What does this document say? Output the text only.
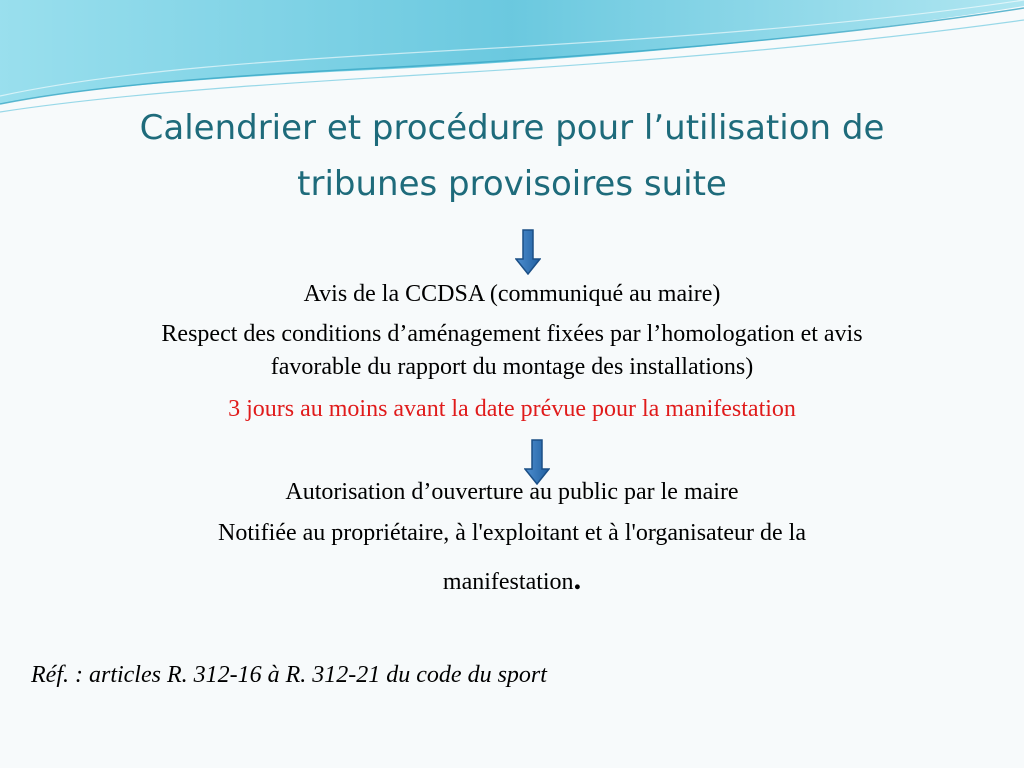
Calendrier et procédure pour l’utilisation de
tribunes provisoires suite

Avis de la CCDSA (communiqué au maire)

Respect des conditions d’aménagement fixées par l’homologation et avis

favorable du rapport du montage des installations)

3 jours au moins avant la date prévue pour la manifestation

Autorisation d’ouverture au public par le maire

Notifiée au propriétaire, à l'exploitant et à l'organisateur de la

manifestation.

Réf. : articles R. 312-16 à R. 312-21 du code du sport
